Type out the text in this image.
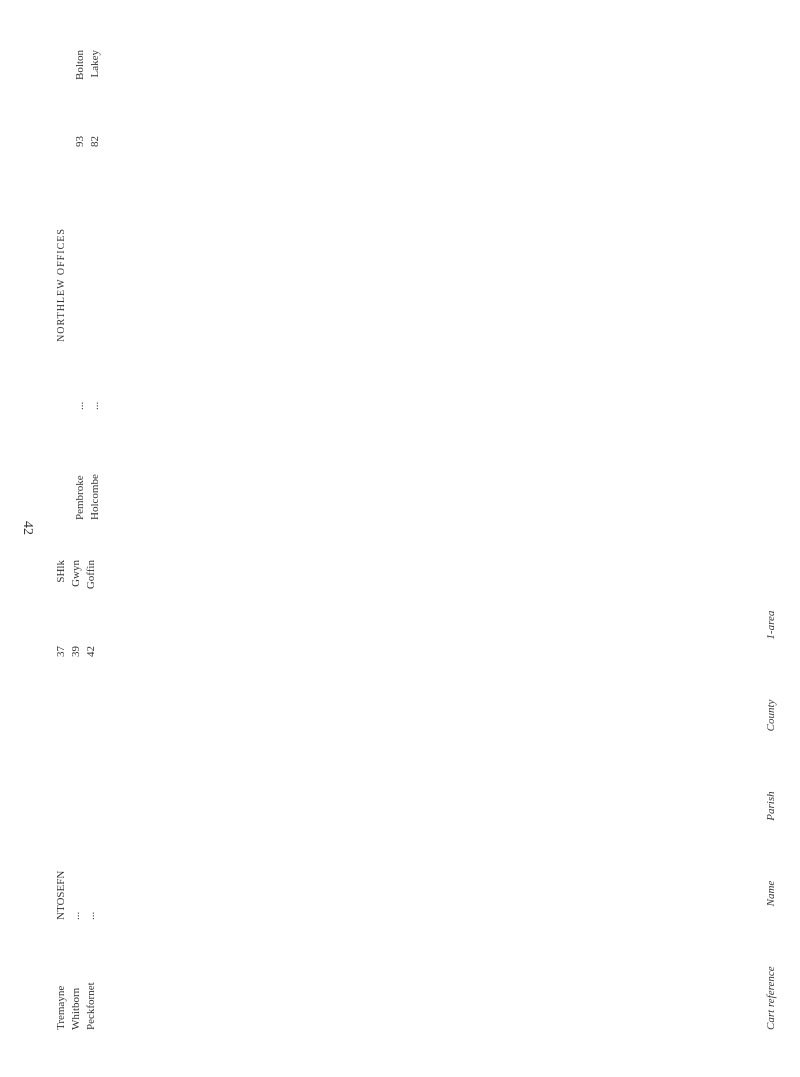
42
Tremayne
NTOSEFN
37
SHlk
Whitborn
...
39
Gwyn
Peckfornet
...
42
Goffin
NORTHLEW OFFICES
Pembroke
...
93
Bolton
Holcombe
...
82
Lakey
Cart reference
Name
Parish
County
1-area
